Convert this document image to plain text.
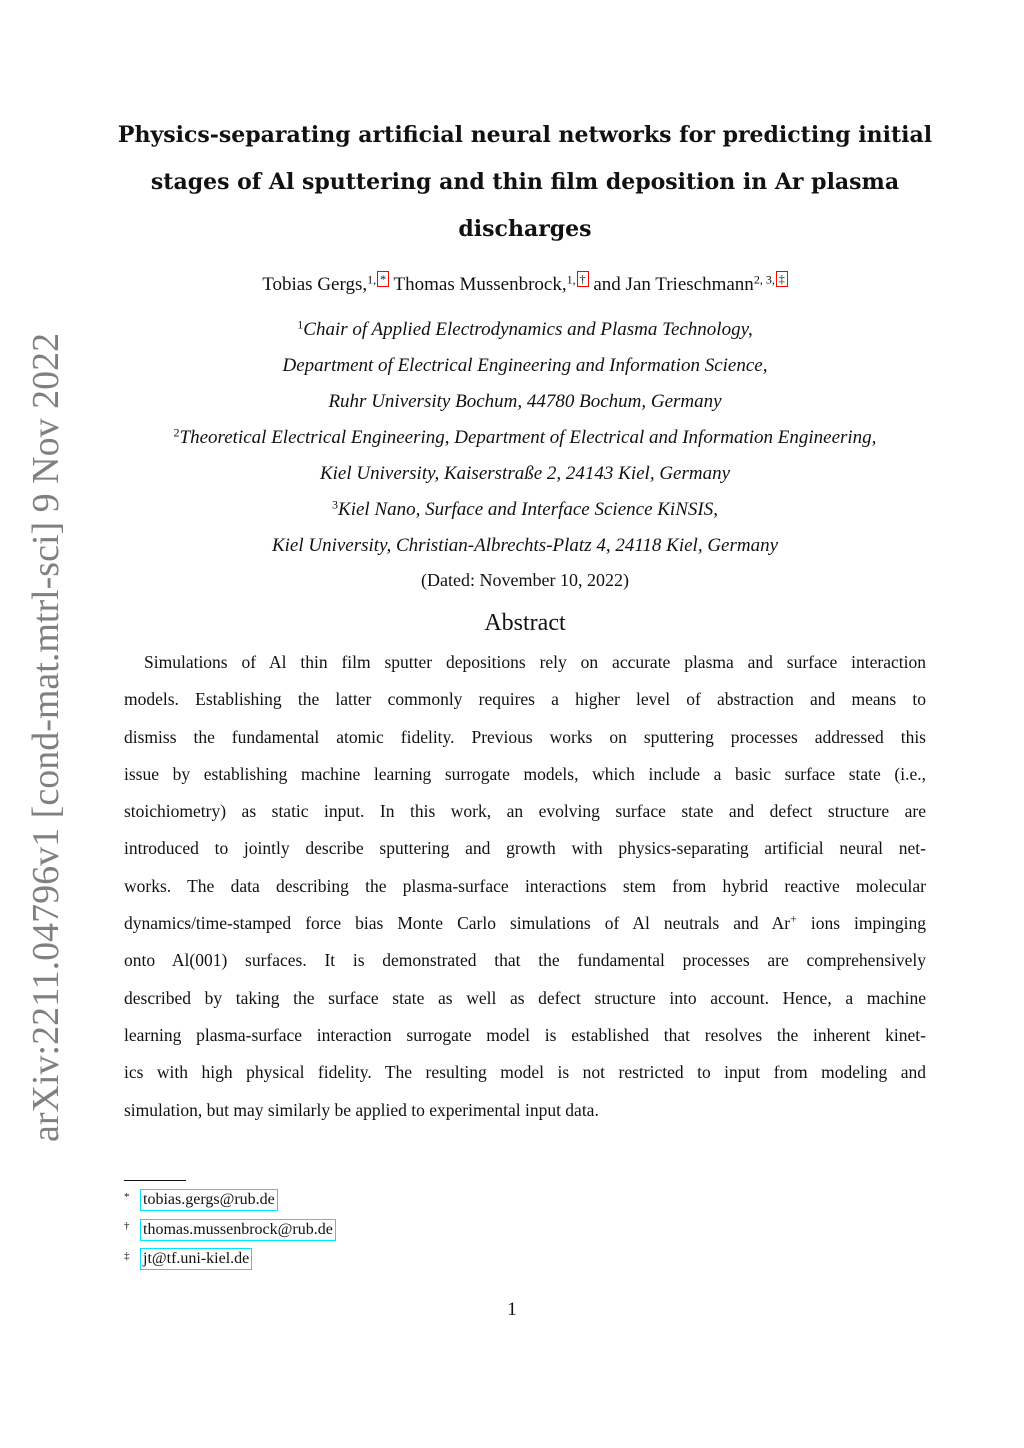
arXiv:2211.04796v1 [cond-mat.mtrl-sci] 9 Nov 2022
Physics-separating artificial neural networks for predicting initial
stages of Al sputtering and thin film deposition in Ar plasma
discharges
Tobias Gergs,$^{1,}$ * Thomas Mussenbrock,$^{1,}$ † and Jan Trieschmann$^{2, 3,}$ ‡
$^1$Chair of Applied Electrodynamics and Plasma Technology,
Department of Electrical Engineering and Information Science,
Ruhr University Bochum, 44780 Bochum, Germany
$^2$Theoretical Electrical Engineering, Department of Electrical and Information Engineering,
Kiel University, Kaiserstraße 2, 24143 Kiel, Germany
$^3$Kiel Nano, Surface and Interface Science KiNSIS,
Kiel University, Christian-Albrechts-Platz 4, 24118 Kiel, Germany
(Dated: November 10, 2022)
Abstract
Simulations of Al thin film sputter depositions rely on accurate plasma and surface interaction
models. Establishing the latter commonly requires a higher level of abstraction and means to
dismiss the fundamental atomic fidelity. Previous works on sputtering processes addressed this
issue by establishing machine learning surrogate models, which include a basic surface state (i.e.,
stoichiometry) as static input. In this work, an evolving surface state and defect structure are
introduced to jointly describe sputtering and growth with physics-separating artificial neural net-
works. The data describing the plasma-surface interactions stem from hybrid reactive molecular
dynamics/time-stamped force bias Monte Carlo simulations of Al neutrals and Ar+ ions impinging
onto Al(001) surfaces. It is demonstrated that the fundamental processes are comprehensively
described by taking the surface state as well as defect structure into account. Hence, a machine
learning plasma-surface interaction surrogate model is established that resolves the inherent kinet-
ics with high physical fidelity. The resulting model is not restricted to input from modeling and
simulation, but may similarly be applied to experimental input data.
* tobias.gergs@rub.de
† thomas.mussenbrock@rub.de
‡ jt@tf.uni-kiel.de
1
